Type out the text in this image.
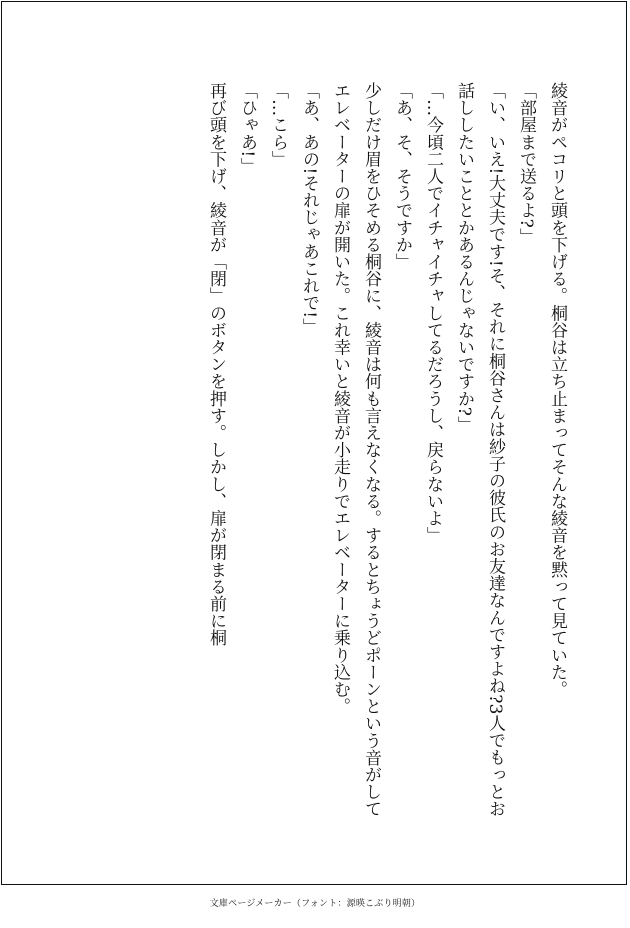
綾音がペコリと頭を下げる。桐谷は立ち止まってそんな綾音を黙って見ていた。

「部屋まで送るよ?」

「い、いえ!大丈夫です!そ、それに桐谷さんは紗子の彼氏のお友達なんですよね?3人でもっとお話ししたいこととかあるんじゃないですか?」

「…今頃二人でイチャイチャしてるだろうし、戻らないよ」

「あ、そ、そうですか」

少しだけ眉をひそめる桐谷に、綾音は何も言えなくなる。するとちょうどポーンという音がしてエレベーターの扉が開いた。これ幸いと綾音が小走りでエレベーターに乗り込む。

「あ、あの!それじゃあこれで!」

「…こら」

「ひゃあ!」

再び頭を下げ、綾音が「閉」のボタンを押す。しかし、扉が閉まる前に桐

文庫ページメーカー（フォント：源暎こぶり明朝）
